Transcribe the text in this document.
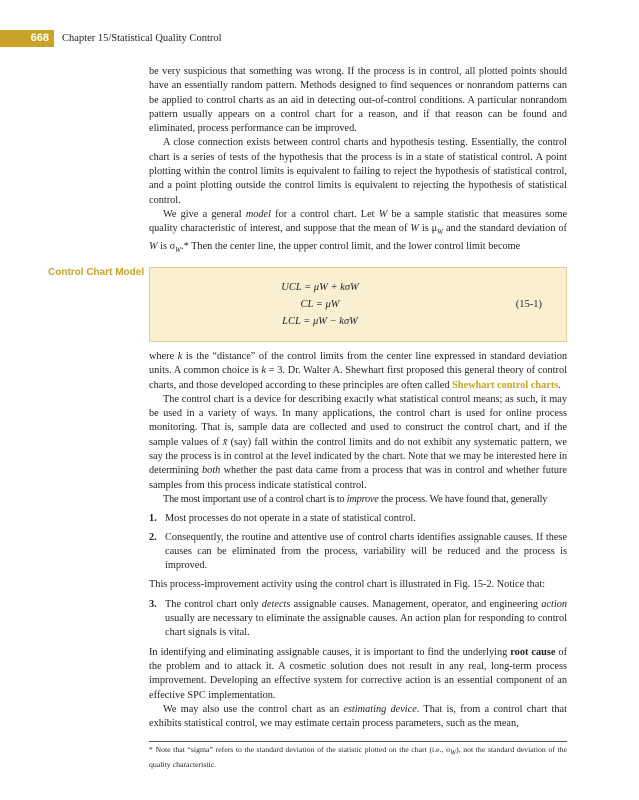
668	Chapter 15/Statistical Quality Control

be very suspicious that something was wrong. If the process is in control, all plotted points should have an essentially random pattern. Methods designed to find sequences or nonrandom patterns can be applied to control charts as an aid in detecting out-of-control conditions. A particular nonrandom pattern usually appears on a control chart for a reason, and if that reason can be found and eliminated, process performance can be improved.

A close connection exists between control charts and hypothesis testing. Essentially, the control chart is a series of tests of the hypothesis that the process is in a state of statistical control. A point plotting within the control limits is equivalent to failing to reject the hypothesis of statistical control, and a point plotting outside the control limits is equivalent to rejecting the hypothesis of statistical control.

We give a general model for a control chart. Let W be a sample statistic that measures some quality characteristic of interest, and suppose that the mean of W is $\mu_W$ and the standard deviation of W is $\sigma_W.*$ Then the center line, the upper control limit, and the lower control limit become

Control Chart Model
UCL = μW + kσW
CL = μW
LCL = μW − kσW
(15-1)

where k is the “distance” of the control limits from the center line expressed in standard deviation units. A common choice is k = 3. Dr. Walter A. Shewhart first proposed this general theory of control charts, and those developed according to these principles are often called Shewhart control charts.

The control chart is a device for describing exactly what statistical control means; as such, it may be used in a variety of ways. In many applications, the control chart is used for online process monitoring. That is, sample data are collected and used to construct the control chart, and if the sample values of x̄ (say) fall within the control limits and do not exhibit any systematic pattern, we say the process is in control at the level indicated by the chart. Note that we may be interested here in determining both whether the past data came from a process that was in control and whether future samples from this process indicate statistical control.

The most important use of a control chart is to improve the process. We have found that, generally

1. Most processes do not operate in a state of statistical control.
2. Consequently, the routine and attentive use of control charts identifies assignable causes. If these causes can be eliminated from the process, variability will be reduced and the process is improved.

This process-improvement activity using the control chart is illustrated in Fig. 15-2. Notice that:

3. The control chart only detects assignable causes. Management, operator, and engineering action usually are necessary to eliminate the assignable causes. An action plan for responding to control chart signals is vital.

In identifying and eliminating assignable causes, it is important to find the underlying root cause of the problem and to attack it. A cosmetic solution does not result in any real, long-term process improvement. Developing an effective system for corrective action is an essential component of an effective SPC implementation.

We may also use the control chart as an estimating device. That is, from a control chart that exhibits statistical control, we may estimate certain process parameters, such as the mean,

* Note that “sigma” refers to the standard deviation of the statistic plotted on the chart (i.e., $\sigma_W$), not the standard deviation of the quality characteristic.
